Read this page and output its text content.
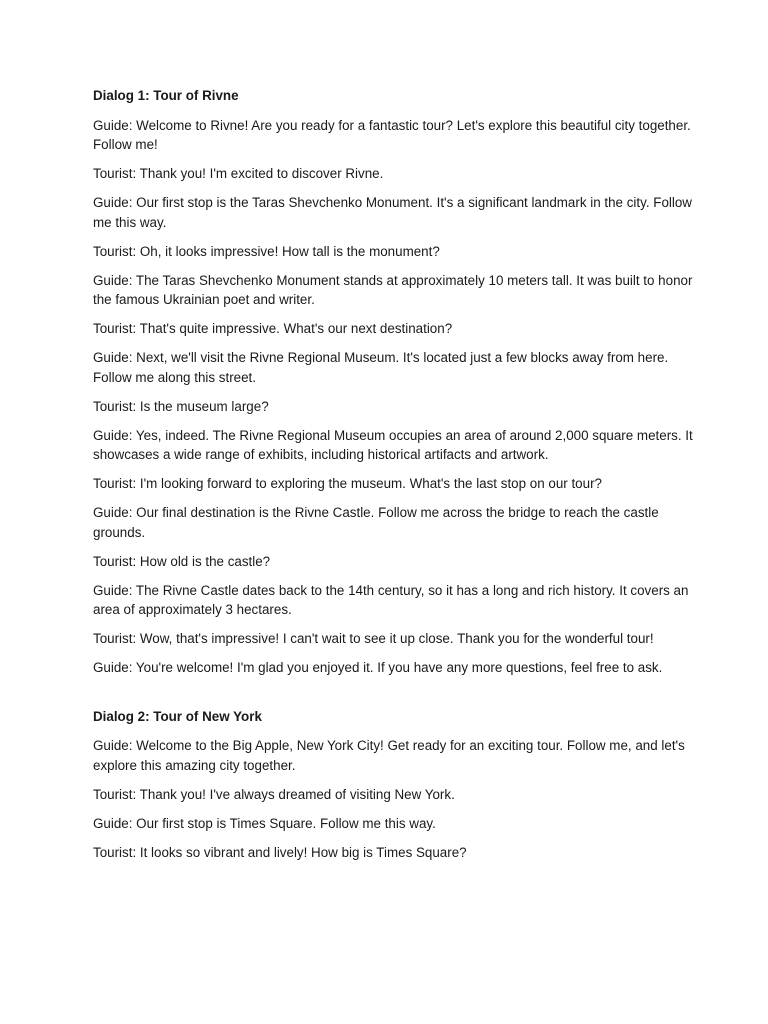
Dialog 1: Tour of Rivne

Guide: Welcome to Rivne! Are you ready for a fantastic tour? Let's explore this beautiful city together. Follow me!

Tourist: Thank you! I'm excited to discover Rivne.

Guide: Our first stop is the Taras Shevchenko Monument. It's a significant landmark in the city. Follow me this way.

Tourist: Oh, it looks impressive! How tall is the monument?

Guide: The Taras Shevchenko Monument stands at approximately 10 meters tall. It was built to honor the famous Ukrainian poet and writer.

Tourist: That's quite impressive. What's our next destination?

Guide: Next, we'll visit the Rivne Regional Museum. It's located just a few blocks away from here. Follow me along this street.

Tourist: Is the museum large?

Guide: Yes, indeed. The Rivne Regional Museum occupies an area of around 2,000 square meters. It showcases a wide range of exhibits, including historical artifacts and artwork.

Tourist: I'm looking forward to exploring the museum. What's the last stop on our tour?

Guide: Our final destination is the Rivne Castle. Follow me across the bridge to reach the castle grounds.

Tourist: How old is the castle?

Guide: The Rivne Castle dates back to the 14th century, so it has a long and rich history. It covers an area of approximately 3 hectares.

Tourist: Wow, that's impressive! I can't wait to see it up close. Thank you for the wonderful tour!

Guide: You're welcome! I'm glad you enjoyed it. If you have any more questions, feel free to ask.

Dialog 2: Tour of New York

Guide: Welcome to the Big Apple, New York City! Get ready for an exciting tour. Follow me, and let's explore this amazing city together.

Tourist: Thank you! I've always dreamed of visiting New York.

Guide: Our first stop is Times Square. Follow me this way.

Tourist: It looks so vibrant and lively! How big is Times Square?
